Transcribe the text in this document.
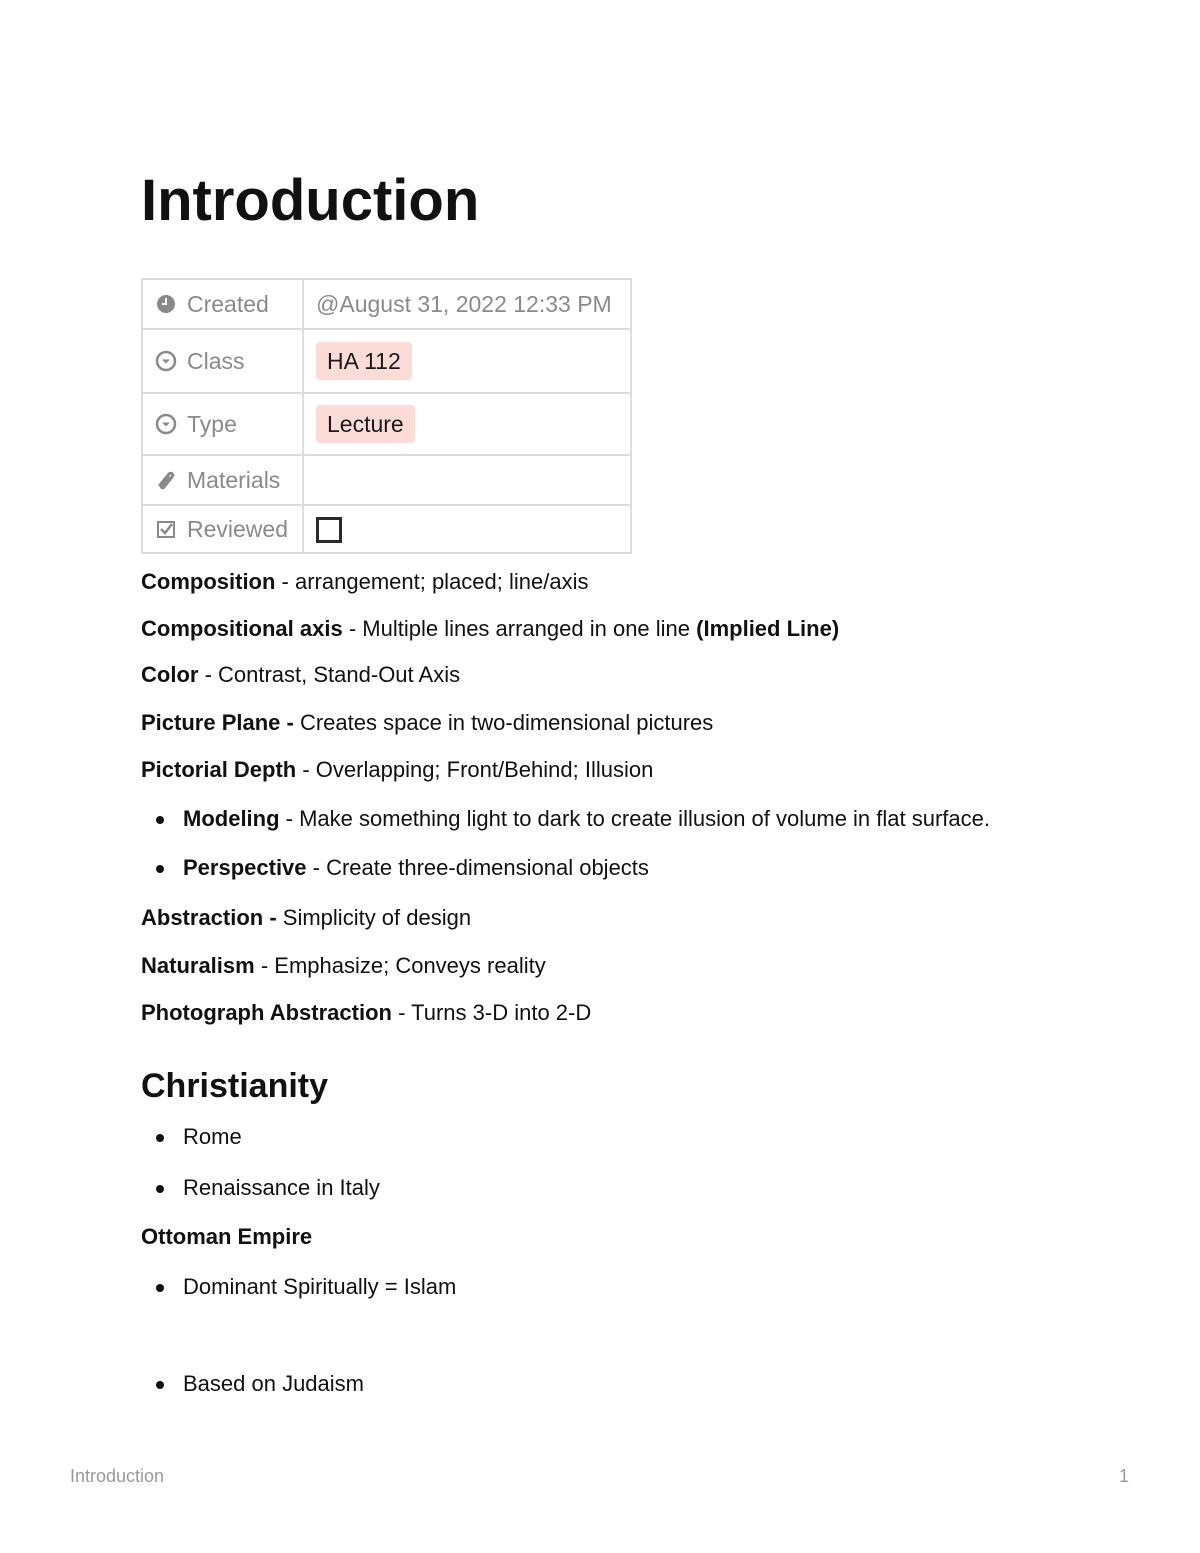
Introduction
Created	@August 31, 2022 12:33 PM

Class	HA 112

Type	Lecture

Materials	

Reviewed	

Composition - arrangement; placed; line/axis

Compositional axis - Multiple lines arranged in one line (Implied Line)

Color - Contrast, Stand-Out Axis

Picture Plane - Creates space in two-dimensional pictures

Pictorial Depth - Overlapping; Front/Behind; Illusion

Modeling - Make something light to dark to create illusion of volume in flat surface.

Perspective - Create three-dimensional objects

Abstraction - Simplicity of design

Naturalism - Emphasize; Conveys reality

Photograph Abstraction - Turns 3-D into 2-D

Christianity

Rome

Renaissance in Italy

Ottoman Empire

Dominant Spiritually = Islam

Based on Judaism

Introduction	1
